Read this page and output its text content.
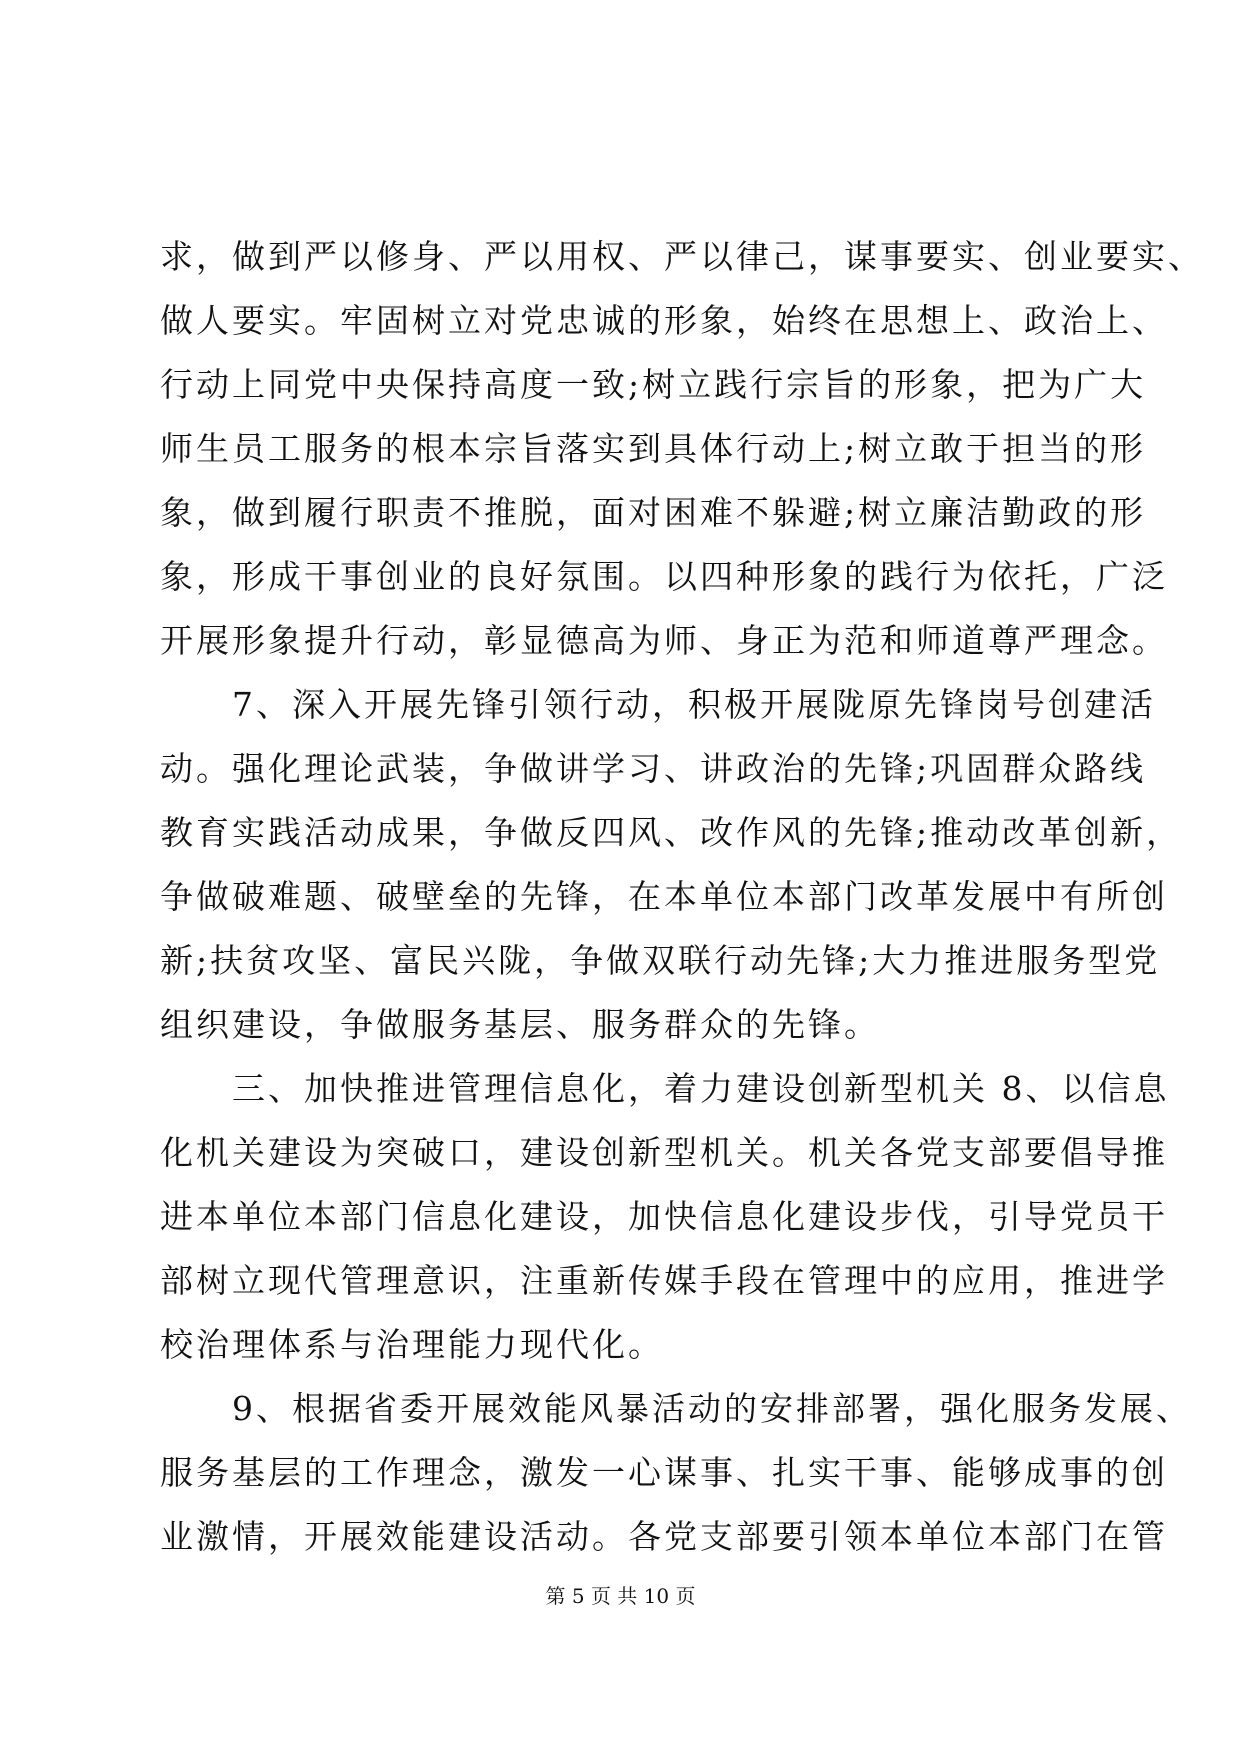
求，做到严以修身、严以用权、严以律己，谋事要实、创业要实、
做人要实。牢固树立对党忠诚的形象，始终在思想上、政治上、
行动上同党中央保持高度一致;树立践行宗旨的形象，把为广大
师生员工服务的根本宗旨落实到具体行动上;树立敢于担当的形
象，做到履行职责不推脱，面对困难不躲避;树立廉洁勤政的形
象，形成干事创业的良好氛围。以四种形象的践行为依托，广泛
开展形象提升行动，彰显德高为师、身正为范和师道尊严理念。
　　7、深入开展先锋引领行动，积极开展陇原先锋岗号创建活
动。强化理论武装，争做讲学习、讲政治的先锋;巩固群众路线
教育实践活动成果，争做反四风、改作风的先锋;推动改革创新，
争做破难题、破壁垒的先锋，在本单位本部门改革发展中有所创
新;扶贫攻坚、富民兴陇，争做双联行动先锋;大力推进服务型党
组织建设，争做服务基层、服务群众的先锋。
　　三、加快推进管理信息化，着力建设创新型机关 8、以信息
化机关建设为突破口，建设创新型机关。机关各党支部要倡导推
进本单位本部门信息化建设，加快信息化建设步伐，引导党员干
部树立现代管理意识，注重新传媒手段在管理中的应用，推进学
校治理体系与治理能力现代化。
　　9、根据省委开展效能风暴活动的安排部署，强化服务发展、
服务基层的工作理念，激发一心谋事、扎实干事、能够成事的创
业激情，开展效能建设活动。各党支部要引领本单位本部门在管
第 5 页 共 10 页
